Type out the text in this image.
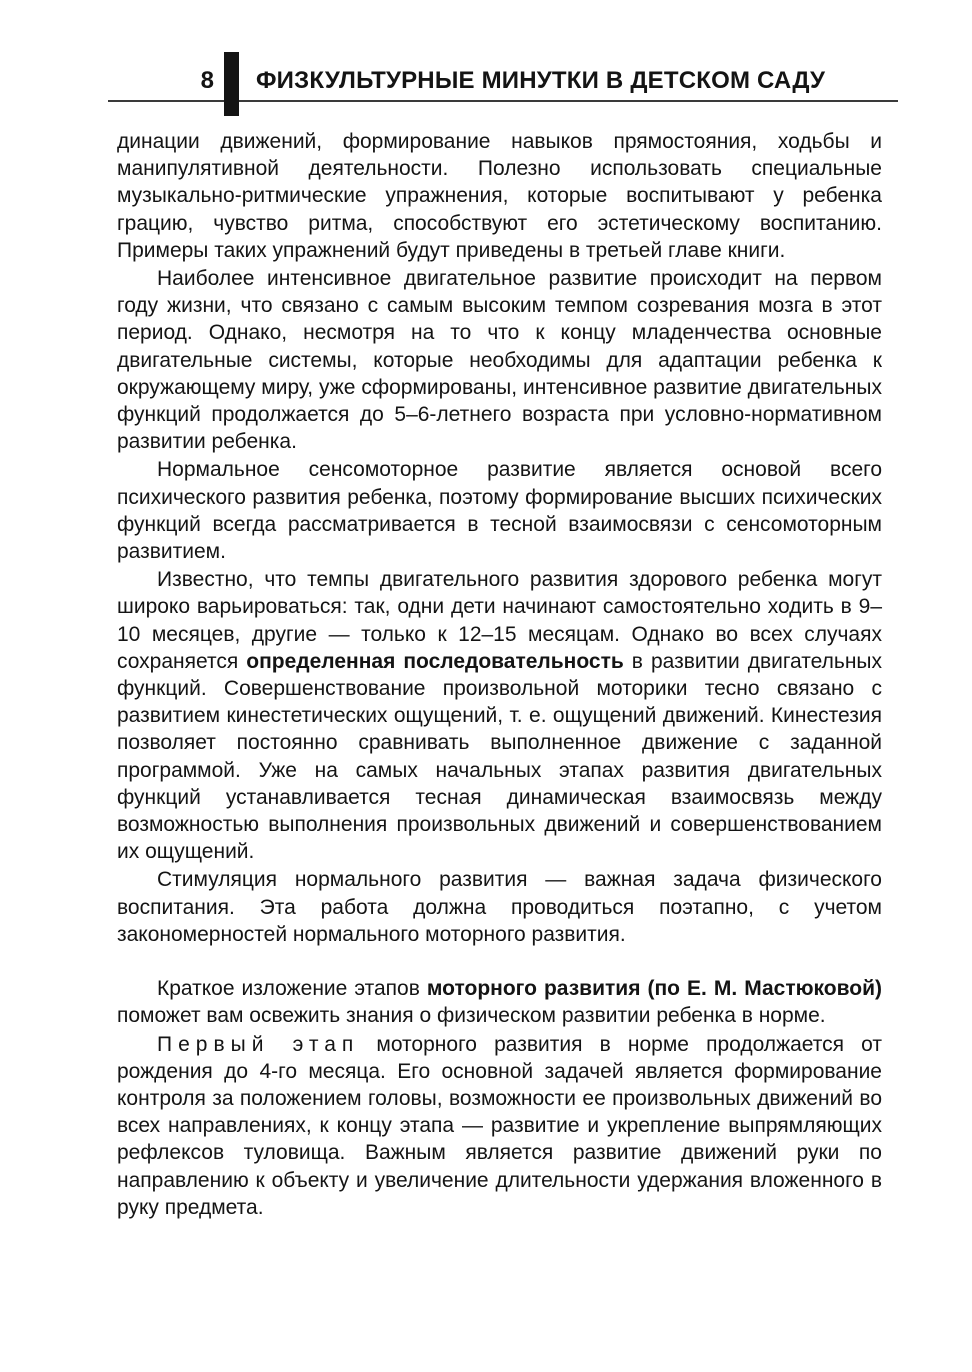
8 ФИЗКУЛЬТУРНЫЕ МИНУТКИ В ДЕТСКОМ САДУ

динации движений, формирование навыков прямостояния, ходьбы и манипулятивной деятельности. Полезно использовать специальные музыкально-ритмические упражнения, которые воспитывают у ребенка грацию, чувство ритма, способствуют его эстетическому воспитанию. Примеры таких упражнений будут приведены в третьей главе книги.

Наиболее интенсивное двигательное развитие происходит на первом году жизни, что связано с самым высоким темпом созревания мозга в этот период. Однако, несмотря на то что к концу младенчества основные двигательные системы, которые необходимы для адаптации ребенка к окружающему миру, уже сформированы, интенсивное развитие двигательных функций продолжается до 5–6-летнего возраста при условно-нормативном развитии ребенка.

Нормальное сенсомоторное развитие является основой всего психического развития ребенка, поэтому формирование высших психических функций всегда рассматривается в тесной взаимосвязи с сенсомоторным развитием.

Известно, что темпы двигательного развития здорового ребенка могут широко варьироваться: так, одни дети начинают самостоятельно ходить в 9–10 месяцев, другие — только к 12–15 месяцам. Однако во всех случаях сохраняется определенная последовательность в развитии двигательных функций. Совершенствование произвольной моторики тесно связано с развитием кинестетических ощущений, т. е. ощущений движений. Кинестезия позволяет постоянно сравнивать выполненное движение с заданной программой. Уже на самых начальных этапах развития двигательных функций устанавливается тесная динамическая взаимосвязь между возможностью выполнения произвольных движений и совершенствованием их ощущений.

Стимуляция нормального развития — важная задача физического воспитания. Эта работа должна проводиться поэтапно, с учетом закономерностей нормального моторного развития.

Краткое изложение этапов моторного развития (по Е. М. Мастюковой) поможет вам освежить знания о физическом развитии ребенка в норме.

Первый этап моторного развития в норме продолжается от рождения до 4-го месяца. Его основной задачей является формирование контроля за положением головы, возможности ее произвольных движений во всех направлениях, к концу этапа — развитие и укрепление выпрямляющих рефлексов туловища. Важным является развитие движений руки по направлению к объекту и увеличение длительности удержания вложенного в руку предмета.
